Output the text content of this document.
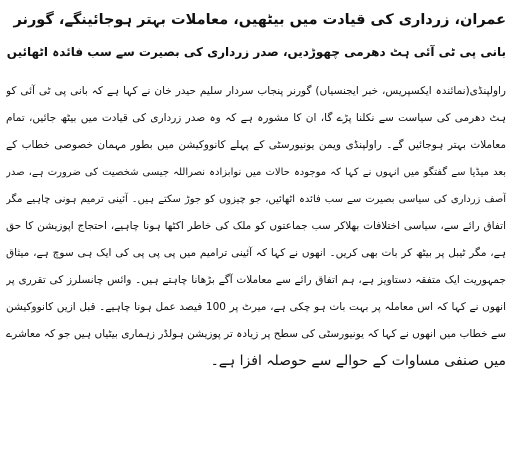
عمران، زرداری کی قیادت میں بیٹھیں، معاملات بہتر ہوجائینگے، گورنر
بانی پی ٹی آئی ہٹ دھرمی چھوڑدیں، صدر زرداری کی بصیرت سے سب فائدہ اٹھائیں
راولپنڈی(نمائندہ ایکسپریس، خبر ایجنسیاں) گورنر پنجاب سردار سلیم حیدر خان نے کہا ہے کہ بانی پی ٹی آئی کو
ہٹ دھرمی کی سیاست سے نکلنا پڑے گا، ان کا مشورہ ہے کہ وہ صدر زرداری کی قیادت میں بیٹھ جائیں، تمام
معاملات بہتر ہوجائیں گے۔ راولپنڈی ویمن یونیورسٹی کے پہلے کانووکیشن میں بطور مہمان خصوصی خطاب کے
بعد میڈیا سے گفتگو میں انہوں نے کہا کہ موجودہ حالات میں نوابزادہ نصراللہ جیسی شخصیت کی ضرورت ہے، صدر
آصف زرداری کی سیاسی بصیرت سے سب فائدہ اٹھائیں، جو چیزوں کو جوڑ سکتے ہیں۔ آئینی ترمیم ہونی چاہیے مگر
اتفاق رائے سے، سیاسی اختلافات بھلاکر سب جماعتوں کو ملک کی خاطر اکٹھا ہونا چاہیے، احتجاج اپوزیشن کا حق
ہے، مگر ٹیبل پر بیٹھ کر بات بھی کریں۔ انھوں نے کہا کہ آئینی ترامیم میں پی پی پی کی ایک ہی سوچ ہے، میثاق
جمہوریت ایک متفقہ دستاویز ہے، ہم اتفاق رائے سے معاملات آگے بڑھانا چاہتے ہیں۔ وائس چانسلرز کی تقرری پر
انھوں نے کہا کہ اس معاملہ پر بہت بات ہو چکی ہے، میرٹ پر 100 فیصد عمل ہونا چاہیے۔ قبل ازیں کانووکیشن
سے خطاب میں انھوں نے کہا کہ یونیورسٹی کی سطح پر زیادہ تر پوزیشن ہولڈر زہماری بیٹیاں ہیں جو کہ معاشرے
میں صنفی مساوات کے حوالے سے حوصلہ افزا ہے۔
